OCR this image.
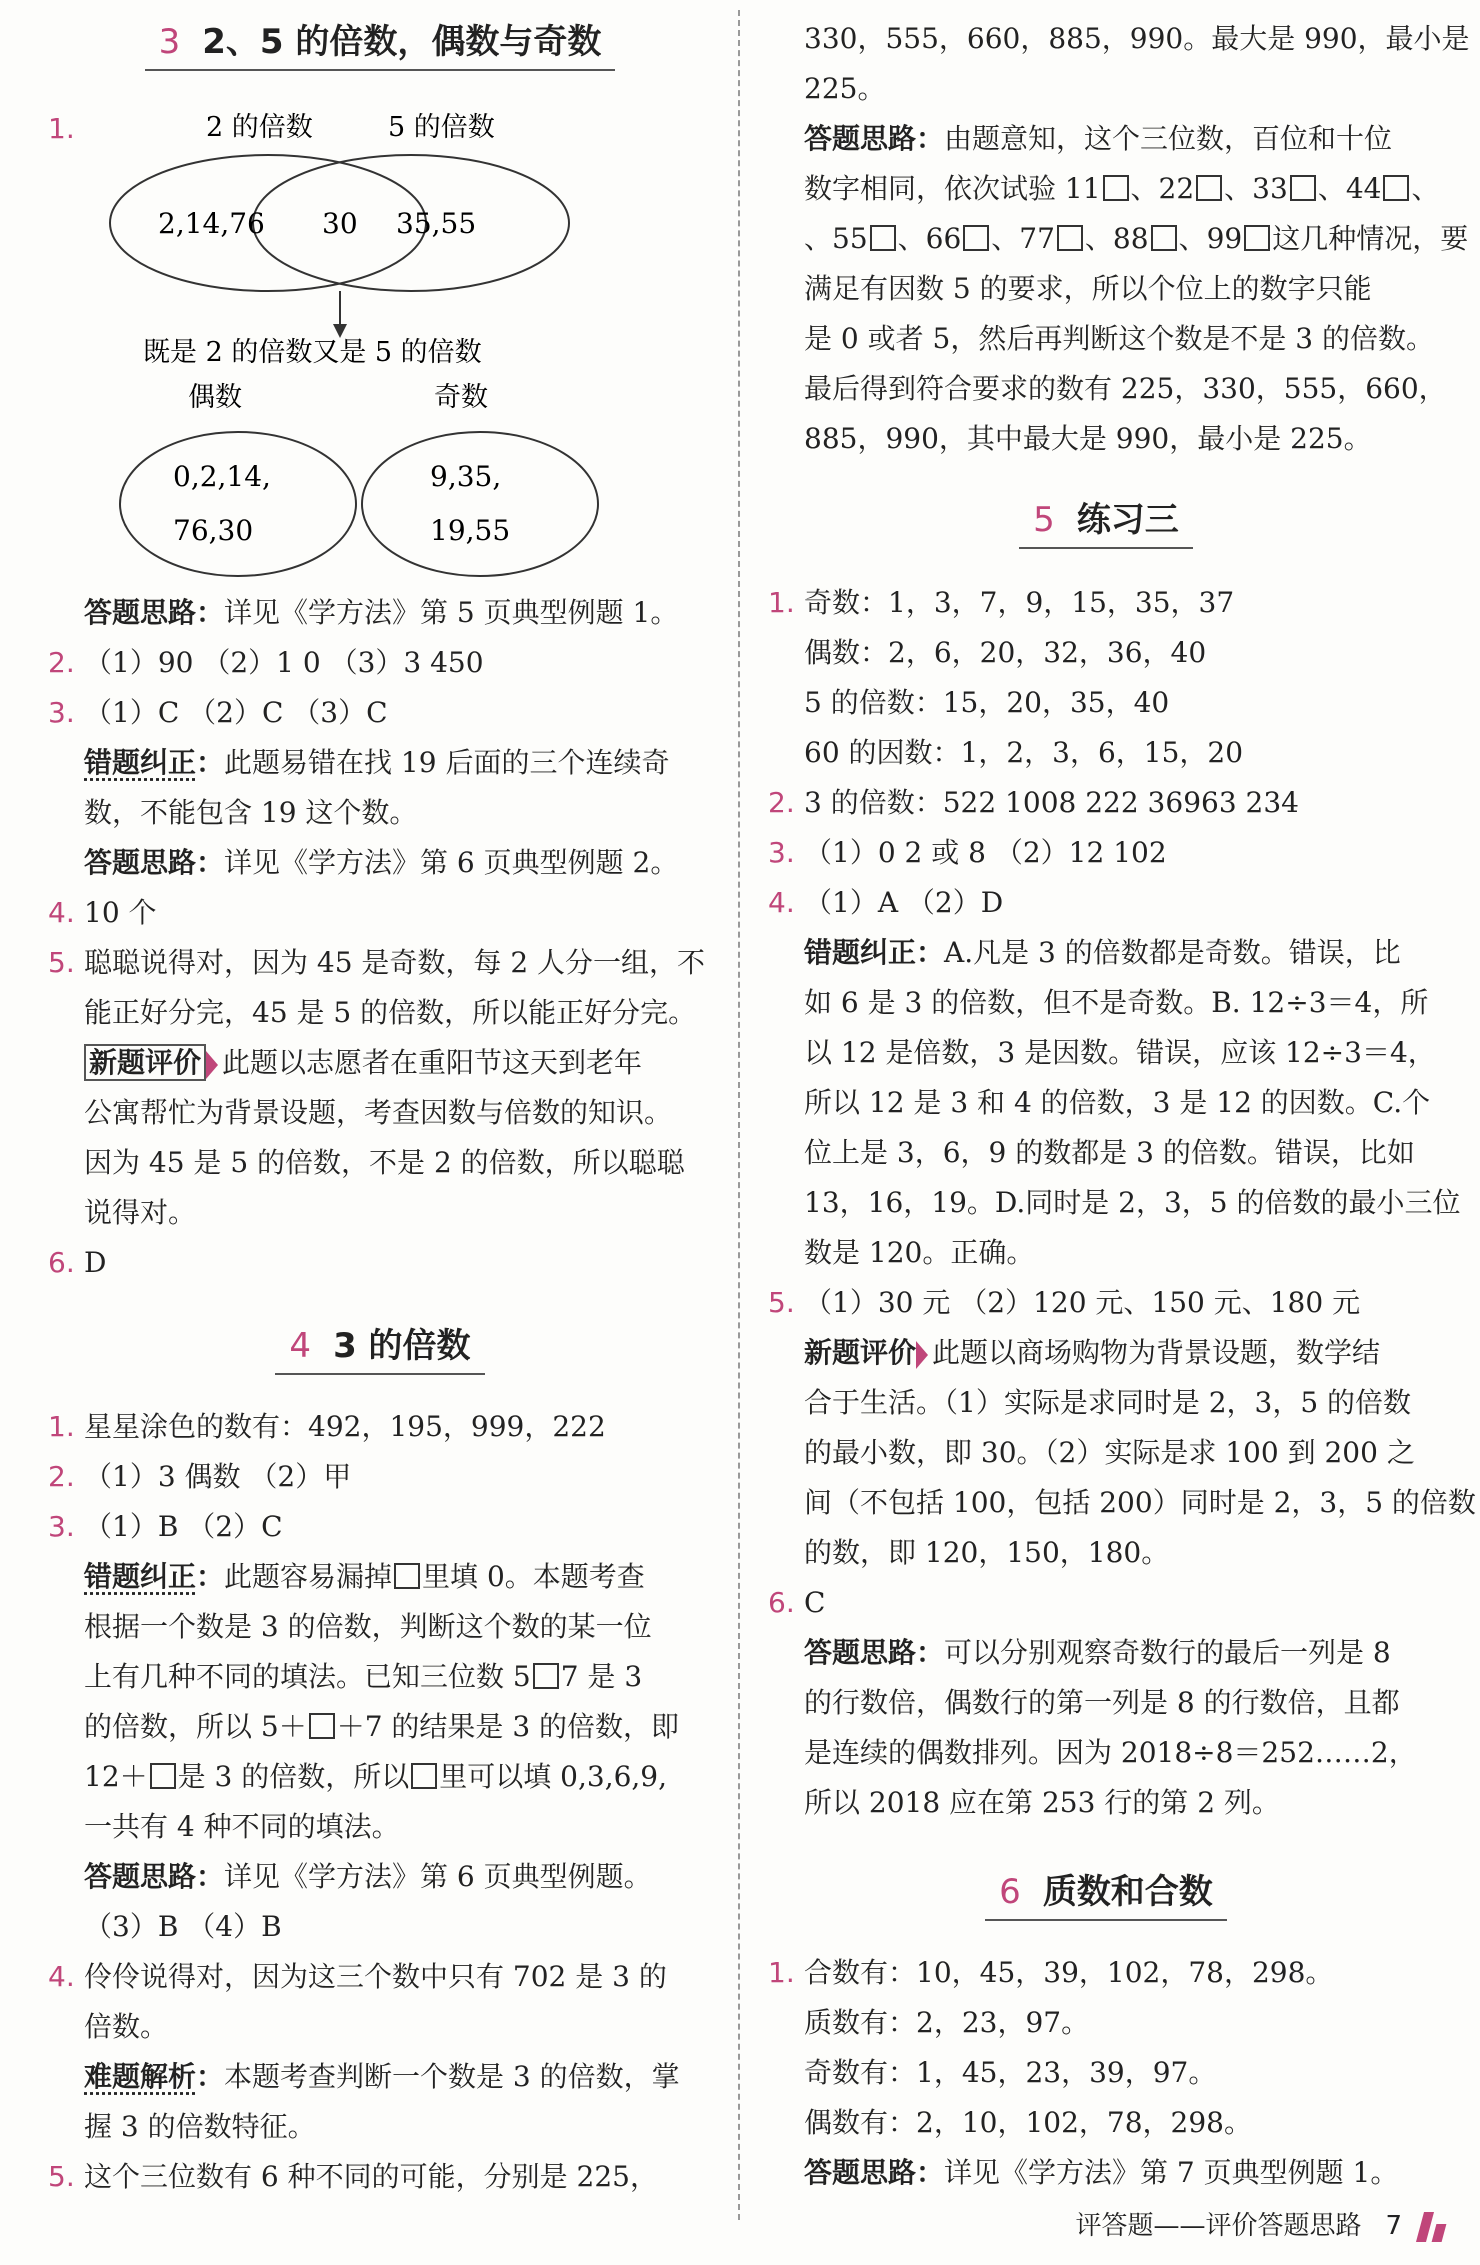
3 2、5 的倍数，偶数与奇数
1.	2 的倍数	5 的倍数
2,14,76 30 35,55
既是 2 的倍数又是 5 的倍数
偶数	奇数
0,2,14,
76,30
9,35,
19,55
答题思路：详见《学方法》第 5 页典型例题 1。
2. （1）90 （2）1 0 （3）3 450
3. （1）C （2）C （3）C
错题纠正：此题易错在找 19 后面的三个连续奇
数，不能包含 19 这个数。
答题思路：详见《学方法》第 6 页典型例题 2。
4. 10 个
5. 聪聪说得对，因为 45 是奇数，每 2 人分一组，不
能正好分完，45 是 5 的倍数，所以能正好分完。
新题评价 此题以志愿者在重阳节这天到老年
公寓帮忙为背景设题，考查因数与倍数的知识。
因为 45 是 5 的倍数，不是 2 的倍数，所以聪聪
说得对。
6. D
4 3 的倍数
1. 星星涂色的数有：492，195，999，222
2. （1）3 偶数 （2）甲
3. （1）B （2）C
错题纠正：此题容易漏掉 里填 0。本题考查
根据一个数是 3 的倍数，判断这个数的某一位
上有几种不同的填法。已知三位数 5 7 是 3
的倍数，所以 5＋ ＋7 的结果是 3 的倍数，即
12＋ 是 3 的倍数，所以 里可以填 0,3,6,9,
一共有 4 种不同的填法。
答题思路：详见《学方法》第 6 页典型例题。
（3）B （4）B
4. 伶伶说得对，因为这三个数中只有 702 是 3 的
倍数。
难题解析：本题考查判断一个数是 3 的倍数，掌
握 3 的倍数特征。
5. 这个三位数有 6 种不同的可能，分别是 225，
330，555，660，885，990。最大是 990，最小是
225。
答题思路：由题意知，这个三位数，百位和十位
数字相同，依次试验 11 、22 、33 、44 、
、55 、66 、77 、88 、99 这几种情况，要
满足有因数 5 的要求，所以个位上的数字只能
是 0 或者 5，然后再判断这个数是不是 3 的倍数。
最后得到符合要求的数有 225，330，555，660，
885，990，其中最大是 990，最小是 225。
5 练习三
1. 奇数：1，3，7，9，15，35，37
偶数：2，6，20，32，36，40
5 的倍数：15，20，35，40
60 的因数：1，2，3，6，15，20
2. 3 的倍数：522 1008 222 36963 234
3. （1）0 2 或 8 （2）12 102
4. （1）A （2）D
错题纠正：A.凡是 3 的倍数都是奇数。错误，比
如 6 是 3 的倍数，但不是奇数。B. 12÷3＝4，所
以 12 是倍数，3 是因数。错误，应该 12÷3＝4，
所以 12 是 3 和 4 的倍数，3 是 12 的因数。C.个
位上是 3，6，9 的数都是 3 的倍数。错误，比如
13，16，19。D.同时是 2，3，5 的倍数的最小三位
数是 120。正确。
5. （1）30 元 （2）120 元、150 元、180 元
新题评价 此题以商场购物为背景设题，数学结
合于生活。（1）实际是求同时是 2，3，5 的倍数
的最小数，即 30。（2）实际是求 100 到 200 之
间（不包括 100，包括 200）同时是 2，3，5 的倍数
的数，即 120，150，180。
6. C
答题思路：可以分别观察奇数行的最后一列是 8
的行数倍，偶数行的第一列是 8 的行数倍，且都
是连续的偶数排列。因为 2018÷8＝252……2，
所以 2018 应在第 253 行的第 2 列。
6 质数和合数
1. 合数有：10，45，39，102，78，298。
质数有：2，23，97。
奇数有：1，45，23，39，97。
偶数有：2，10，102，78，298。
答题思路：详见《学方法》第 7 页典型例题 1。
评答题——评价答题思路 7
